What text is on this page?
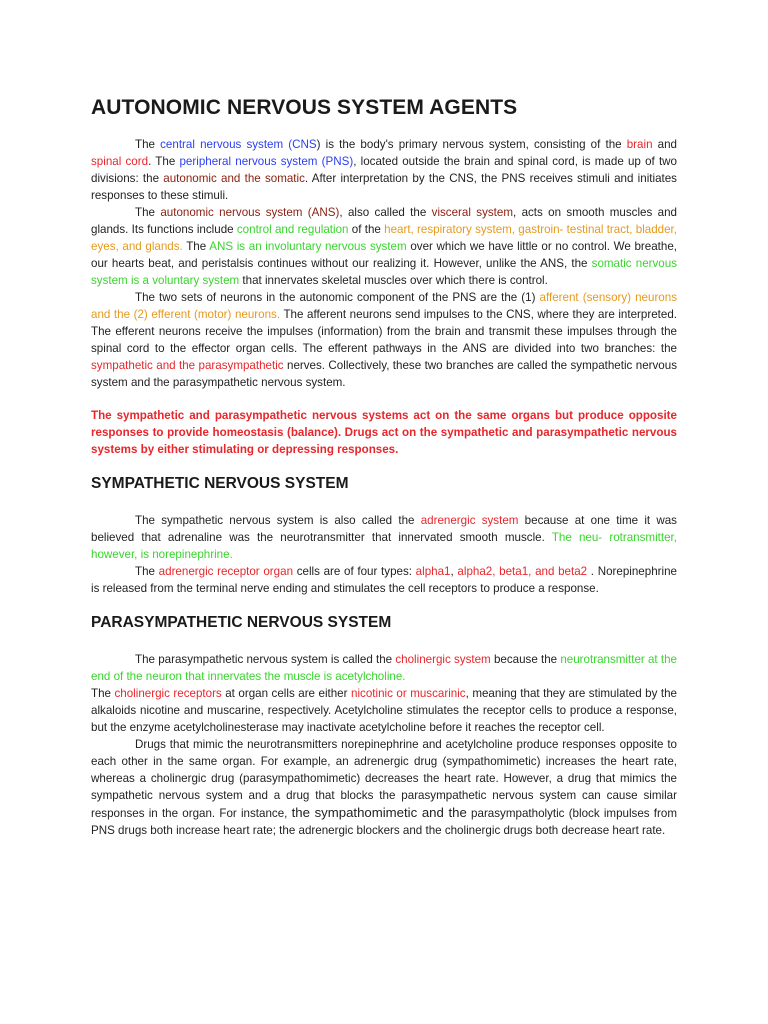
AUTONOMIC NERVOUS SYSTEM AGENTS

The central nervous system (CNS) is the body's primary nervous system, consisting of the brain and spinal cord. The peripheral nervous system (PNS), located outside the brain and spinal cord, is made up of two divisions: the autonomic and the somatic. After interpretation by the CNS, the PNS receives stimuli and initiates responses to these stimuli.

The autonomic nervous system (ANS), also called the visceral system, acts on smooth muscles and glands. Its functions include control and regulation of the heart, respiratory system, gastroin- testinal tract, bladder, eyes, and glands. The ANS is an involuntary nervous system over which we have little or no control. We breathe, our hearts beat, and peristalsis continues without our realizing it. However, unlike the ANS, the somatic nervous system is a voluntary system that innervates skeletal muscles over which there is control.

The two sets of neurons in the autonomic component of the PNS are the (1) afferent (sensory) neurons and the (2) efferent (motor) neurons. The afferent neurons send impulses to the CNS, where they are interpreted. The efferent neurons receive the impulses (information) from the brain and transmit these impulses through the spinal cord to the effector organ cells. The efferent pathways in the ANS are divided into two branches: the sympathetic and the parasympathetic nerves. Collectively, these two branches are called the sympathetic nervous system and the parasympathetic nervous system.

The sympathetic and parasympathetic nervous systems act on the same organs but produce opposite responses to provide homeostasis (balance). Drugs act on the sympathetic and parasympathetic nervous systems by either stimulating or depressing responses.

SYMPATHETIC NERVOUS SYSTEM

The sympathetic nervous system is also called the adrenergic system because at one time it was believed that adrenaline was the neurotransmitter that innervated smooth muscle. The neu- rotransmitter, however, is norepinephrine.

The adrenergic receptor organ cells are of four types: alpha1, alpha2, beta1, and beta2 . Norepinephrine is released from the terminal nerve ending and stimulates the cell receptors to produce a response.

PARASYMPATHETIC NERVOUS SYSTEM

The parasympathetic nervous system is called the cholinergic system because the neurotransmitter at the end of the neuron that innervates the muscle is acetylcholine.

The cholinergic receptors at organ cells are either nicotinic or muscarinic, meaning that they are stimulated by the alkaloids nicotine and muscarine, respectively. Acetylcholine stimulates the receptor cells to produce a response, but the enzyme acetylcholinesterase may inactivate acetylcholine before it reaches the receptor cell.

Drugs that mimic the neurotransmitters norepinephrine and acetylcholine produce responses opposite to each other in the same organ. For example, an adrenergic drug (sympathomimetic) increases the heart rate, whereas a cholinergic drug (parasympathomimetic) decreases the heart rate. However, a drug that mimics the sympathetic nervous system and a drug that blocks the parasympathetic nervous system can cause similar responses in the organ. For instance, the sympathomimetic and the parasympatholytic (block impulses from PNS drugs both increase heart rate; the adrenergic blockers and the cholinergic drugs both decrease heart rate.
